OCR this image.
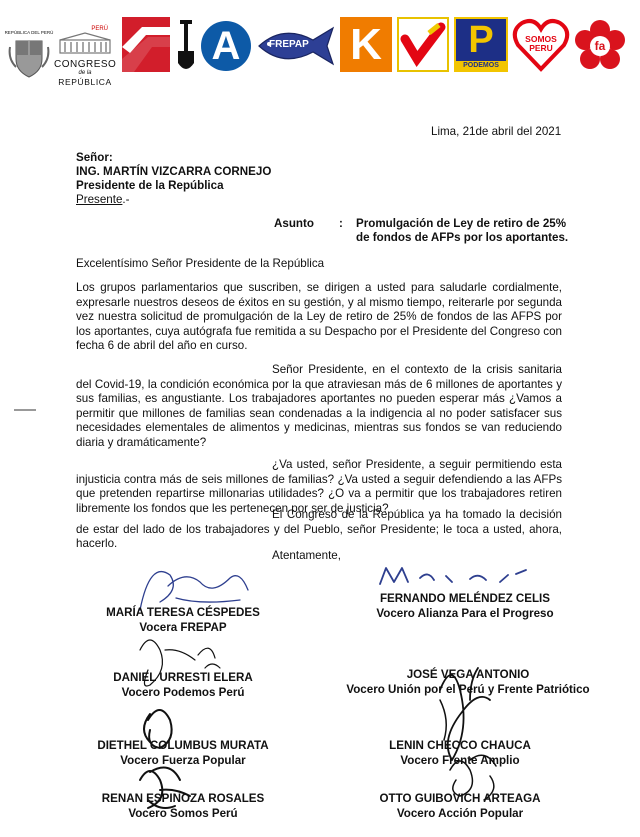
REPÚBLICA DEL PERÚ
PERÚ
CONGRESO
de la
REPÚBLICA
A	FREPAP K	P
PODEMOS
SOMOS PERU	fa
Lima, 21de abril del 2021
Señor:
ING. MARTÍN VIZCARRA CORNEJO
Presidente de la República
Presente.-
Asunto : Promulgación de Ley de retiro de 25%
de fondos de AFPs por los aportantes.
Excelentísimo Señor Presidente de la República

Los grupos parlamentarios que suscriben, se dirigen a usted para saludarle cordialmente, expresarle nuestros deseos de éxitos en su gestión, y al mismo tiempo, reiterarle por segunda vez nuestra solicitud de promulgación de la Ley de retiro de 25% de fondos de las AFPS por los aportantes, cuya autógrafa fue remitida a su Despacho por el Presidente del Congreso con fecha 6 de abril del año en curso.

Señor Presidente, en el contexto de la crisis sanitaria del Covid-19, la condición económica por la que atraviesan más de 6 millones de aportantes y sus familias, es angustiante. Los trabajadores aportantes no pueden esperar más ¿Vamos a permitir que millones de familias sean condenadas a la indigencia al no poder satisfacer sus necesidades elementales de alimentos y medicinas, mientras sus fondos se van reduciendo diaria y dramáticamente?

¿Va usted, señor Presidente, a seguir permitiendo esta injusticia contra más de seis millones de familias? ¿Va usted a seguir defendiendo a las AFPs que pretenden repartirse millonarias utilidades? ¿O va a permitir que los trabajadores retiren libremente los fondos que les pertenecen por ser de justicia?

El Congreso de la República ya ha tomado la decisión de estar del lado de los trabajadores y del Pueblo, señor Presidente; le toca a usted, ahora, hacerlo.

Atentamente,
MARÍA TERESA CÉSPEDES
Vocera FREPAP
FERNANDO MELÉNDEZ CELIS
Vocero Alianza Para el Progreso
DANIEL URRESTI ELERA
Vocero Podemos Perú
JOSÉ VEGA ANTONIO
Vocero Unión por el Perú y Frente Patriótico
DIETHEL COLUMBUS MURATA
Vocero Fuerza Popular
LENIN CHECCO CHAUCA
Vocero Frente Amplio
RENAN ESPINOZA ROSALES
Vocero Somos Perú
OTTO GUIBOVICH ARTEAGA
Vocero Acción Popular
